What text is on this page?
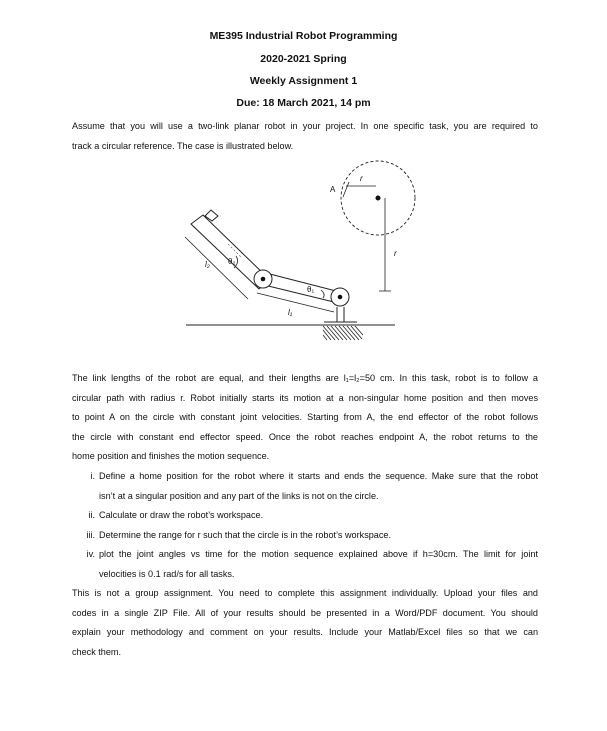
ME395 Industrial Robot Programming
2020-2021 Spring
Weekly Assignment 1
Due: 18 March 2021, 14 pm
Assume that you will use a two-link planar robot in your project. In one specific task, you are required to
track a circular reference. The case is illustrated below.
θ₂
θ₁
l₂
l₁
A
r
r
The link lengths of the robot are equal, and their lengths are l₁=l₂=50 cm. In this task, robot is to follow a
circular path with radius r. Robot initially starts its motion at a non-singular home position and then moves
to point A on the circle with constant joint velocities. Starting from A, the end effector of the robot follows
the circle with constant end effector speed. Once the robot reaches endpoint A, the robot returns to the
home position and finishes the motion sequence.
i. Define a home position for the robot where it starts and ends the sequence. Make sure that the robot
isn’t at a singular position and any part of the links is not on the circle.
ii. Calculate or draw the robot’s workspace.
iii. Determine the range for r such that the circle is in the robot’s workspace.
iv. plot the joint angles vs time for the motion sequence explained above if h=30cm. The limit for joint
velocities is 0.1 rad/s for all tasks.
This is not a group assignment. You need to complete this assignment individually. Upload your files and
codes in a single ZIP File. All of your results should be presented in a Word/PDF document. You should
explain your methodology and comment on your results. Include your Matlab/Excel files so that we can
check them.
